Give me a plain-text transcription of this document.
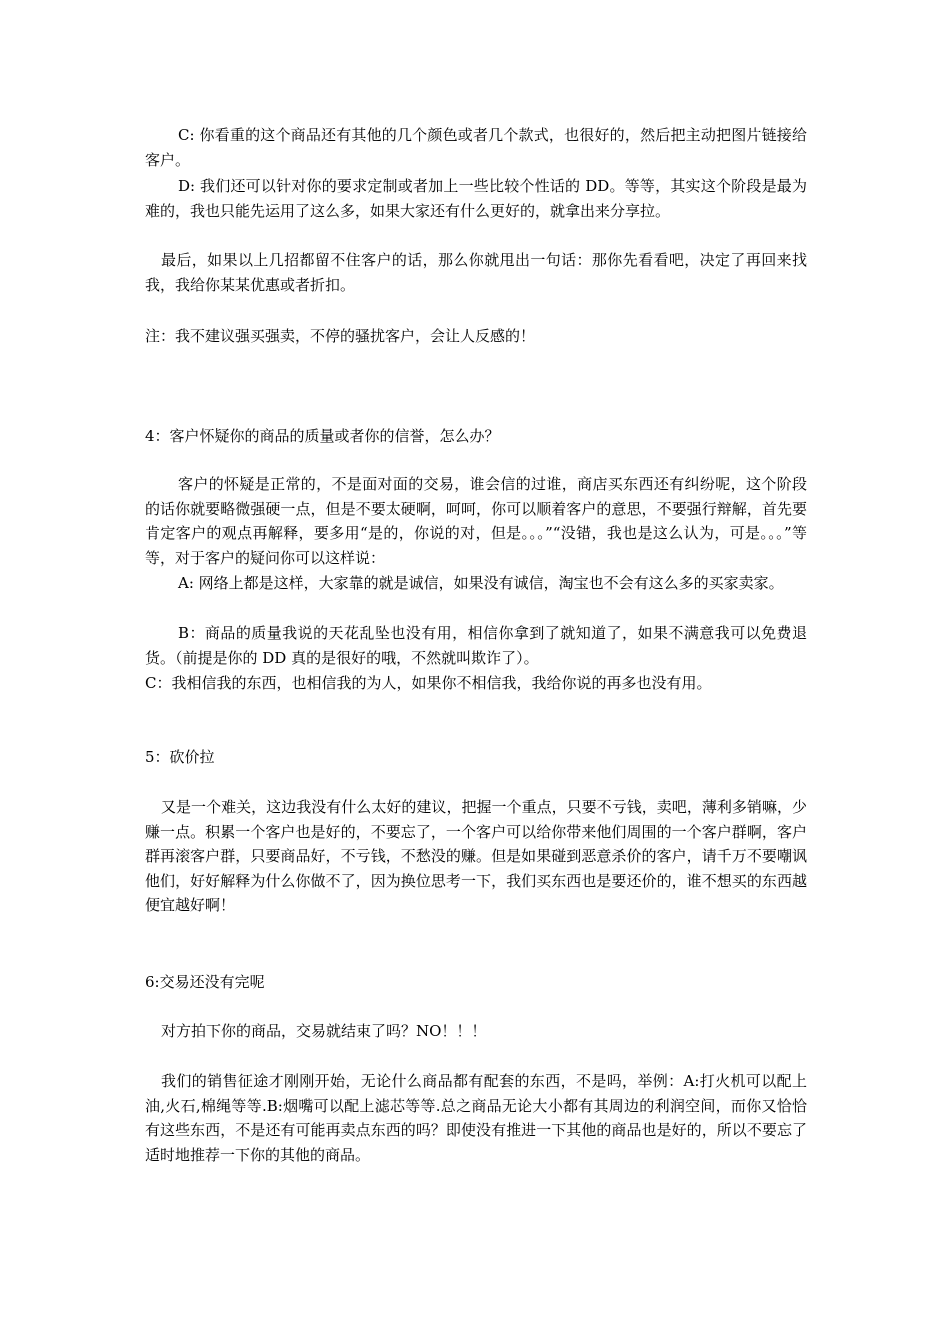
C: 你看重的这个商品还有其他的几个颜色或者几个款式，也很好的，然后把主动把图片链接给客户。
D: 我们还可以针对你的要求定制或者加上一些比较个性话的 DD。等等，其实这个阶段是最为难的，我也只能先运用了这么多，如果大家还有什么更好的，就拿出来分享拉。
最后，如果以上几招都留不住客户的话，那么你就甩出一句话：那你先看看吧，决定了再回来找我，我给你某某优惠或者折扣。
注：我不建议强买强卖，不停的骚扰客户，会让人反感的！
4：客户怀疑你的商品的质量或者你的信誉，怎么办？
客户的怀疑是正常的，不是面对面的交易，谁会信的过谁，商店买东西还有纠纷呢，这个阶段的话你就要略微强硬一点，但是不要太硬啊，呵呵，你可以顺着客户的意思，不要强行辩解，首先要肯定客户的观点再解释，要多用“是的，你说的对，但是。。。”“没错，我也是这么认为，可是。。。”等等，对于客户的疑问你可以这样说：
A: 网络上都是这样，大家靠的就是诚信，如果没有诚信，淘宝也不会有这么多的买家卖家。
B：商品的质量我说的天花乱坠也没有用，相信你拿到了就知道了，如果不满意我可以免费退货。（前提是你的 DD 真的是很好的哦，不然就叫欺诈了）。
C：我相信我的东西，也相信我的为人，如果你不相信我，我给你说的再多也没有用。
5：砍价拉
又是一个难关，这边我没有什么太好的建议，把握一个重点，只要不亏钱，卖吧，薄利多销嘛，少赚一点。积累一个客户也是好的，不要忘了，一个客户可以给你带来他们周围的一个客户群啊，客户群再滚客户群，只要商品好，不亏钱，不愁没的赚。但是如果碰到恶意杀价的客户，请千万不要嘲讽他们，好好解释为什么你做不了，因为换位思考一下，我们买东西也是要还价的，谁不想买的东西越便宜越好啊！
6:交易还没有完呢
对方拍下你的商品，交易就结束了吗？NO！！！
我们的销售征途才刚刚开始，无论什么商品都有配套的东西，不是吗，举例：A:打火机可以配上油,火石,棉绳等等.B:烟嘴可以配上滤芯等等.总之商品无论大小都有其周边的利润空间，而你又恰恰有这些东西，不是还有可能再卖点东西的吗？即使没有推进一下其他的商品也是好的，所以不要忘了适时地推荐一下你的其他的商品。
